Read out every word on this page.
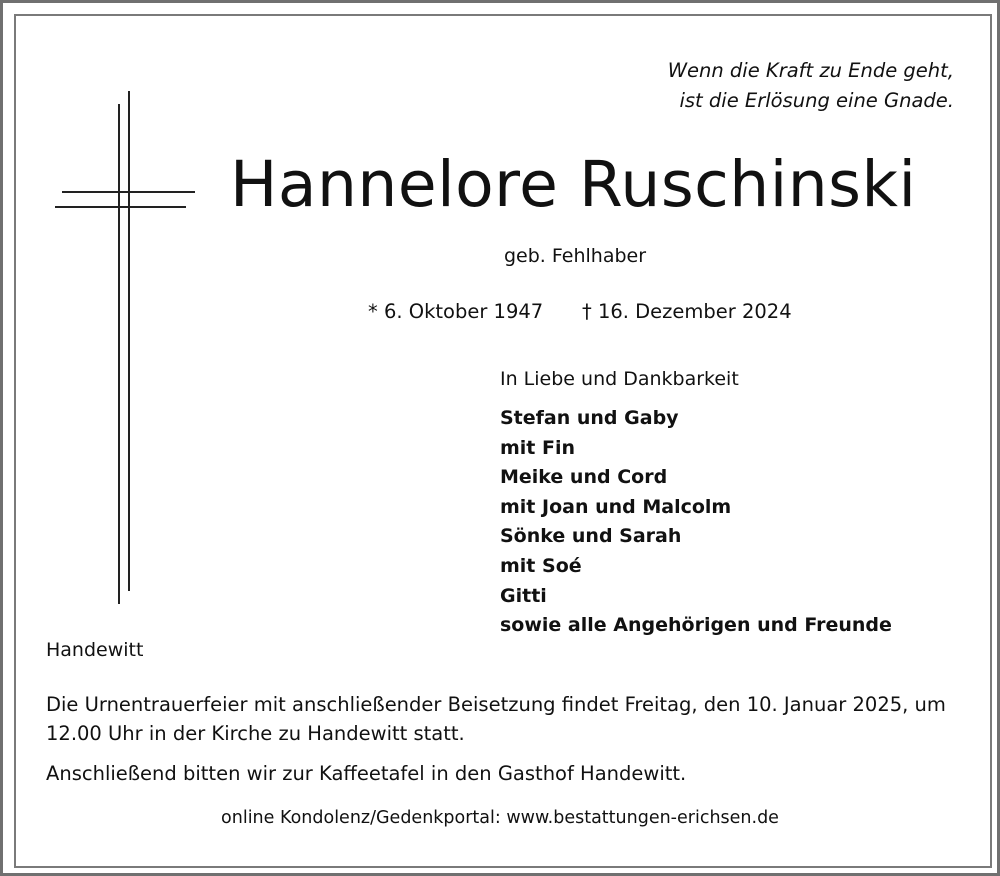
Wenn die Kraft zu Ende geht,
ist die Erlösung eine Gnade.
Hannelore Ruschinski
geb. Fehlhaber
* 6. Oktober 1947 † 16. Dezember 2024
In Liebe und Dankbarkeit
Stefan und Gaby
mit Fin
Meike und Cord
mit Joan und Malcolm
Sönke und Sarah
mit Soé
Gitti
sowie alle Angehörigen und Freunde
Handewitt
Die Urnentrauerfeier mit anschließender Beisetzung findet Freitag, den 10. Januar 2025, um 12.00 Uhr in der Kirche zu Handewitt statt.
Anschließend bitten wir zur Kaffeetafel in den Gasthof Handewitt.
online Kondolenz/Gedenkportal: www.bestattungen-erichsen.de
